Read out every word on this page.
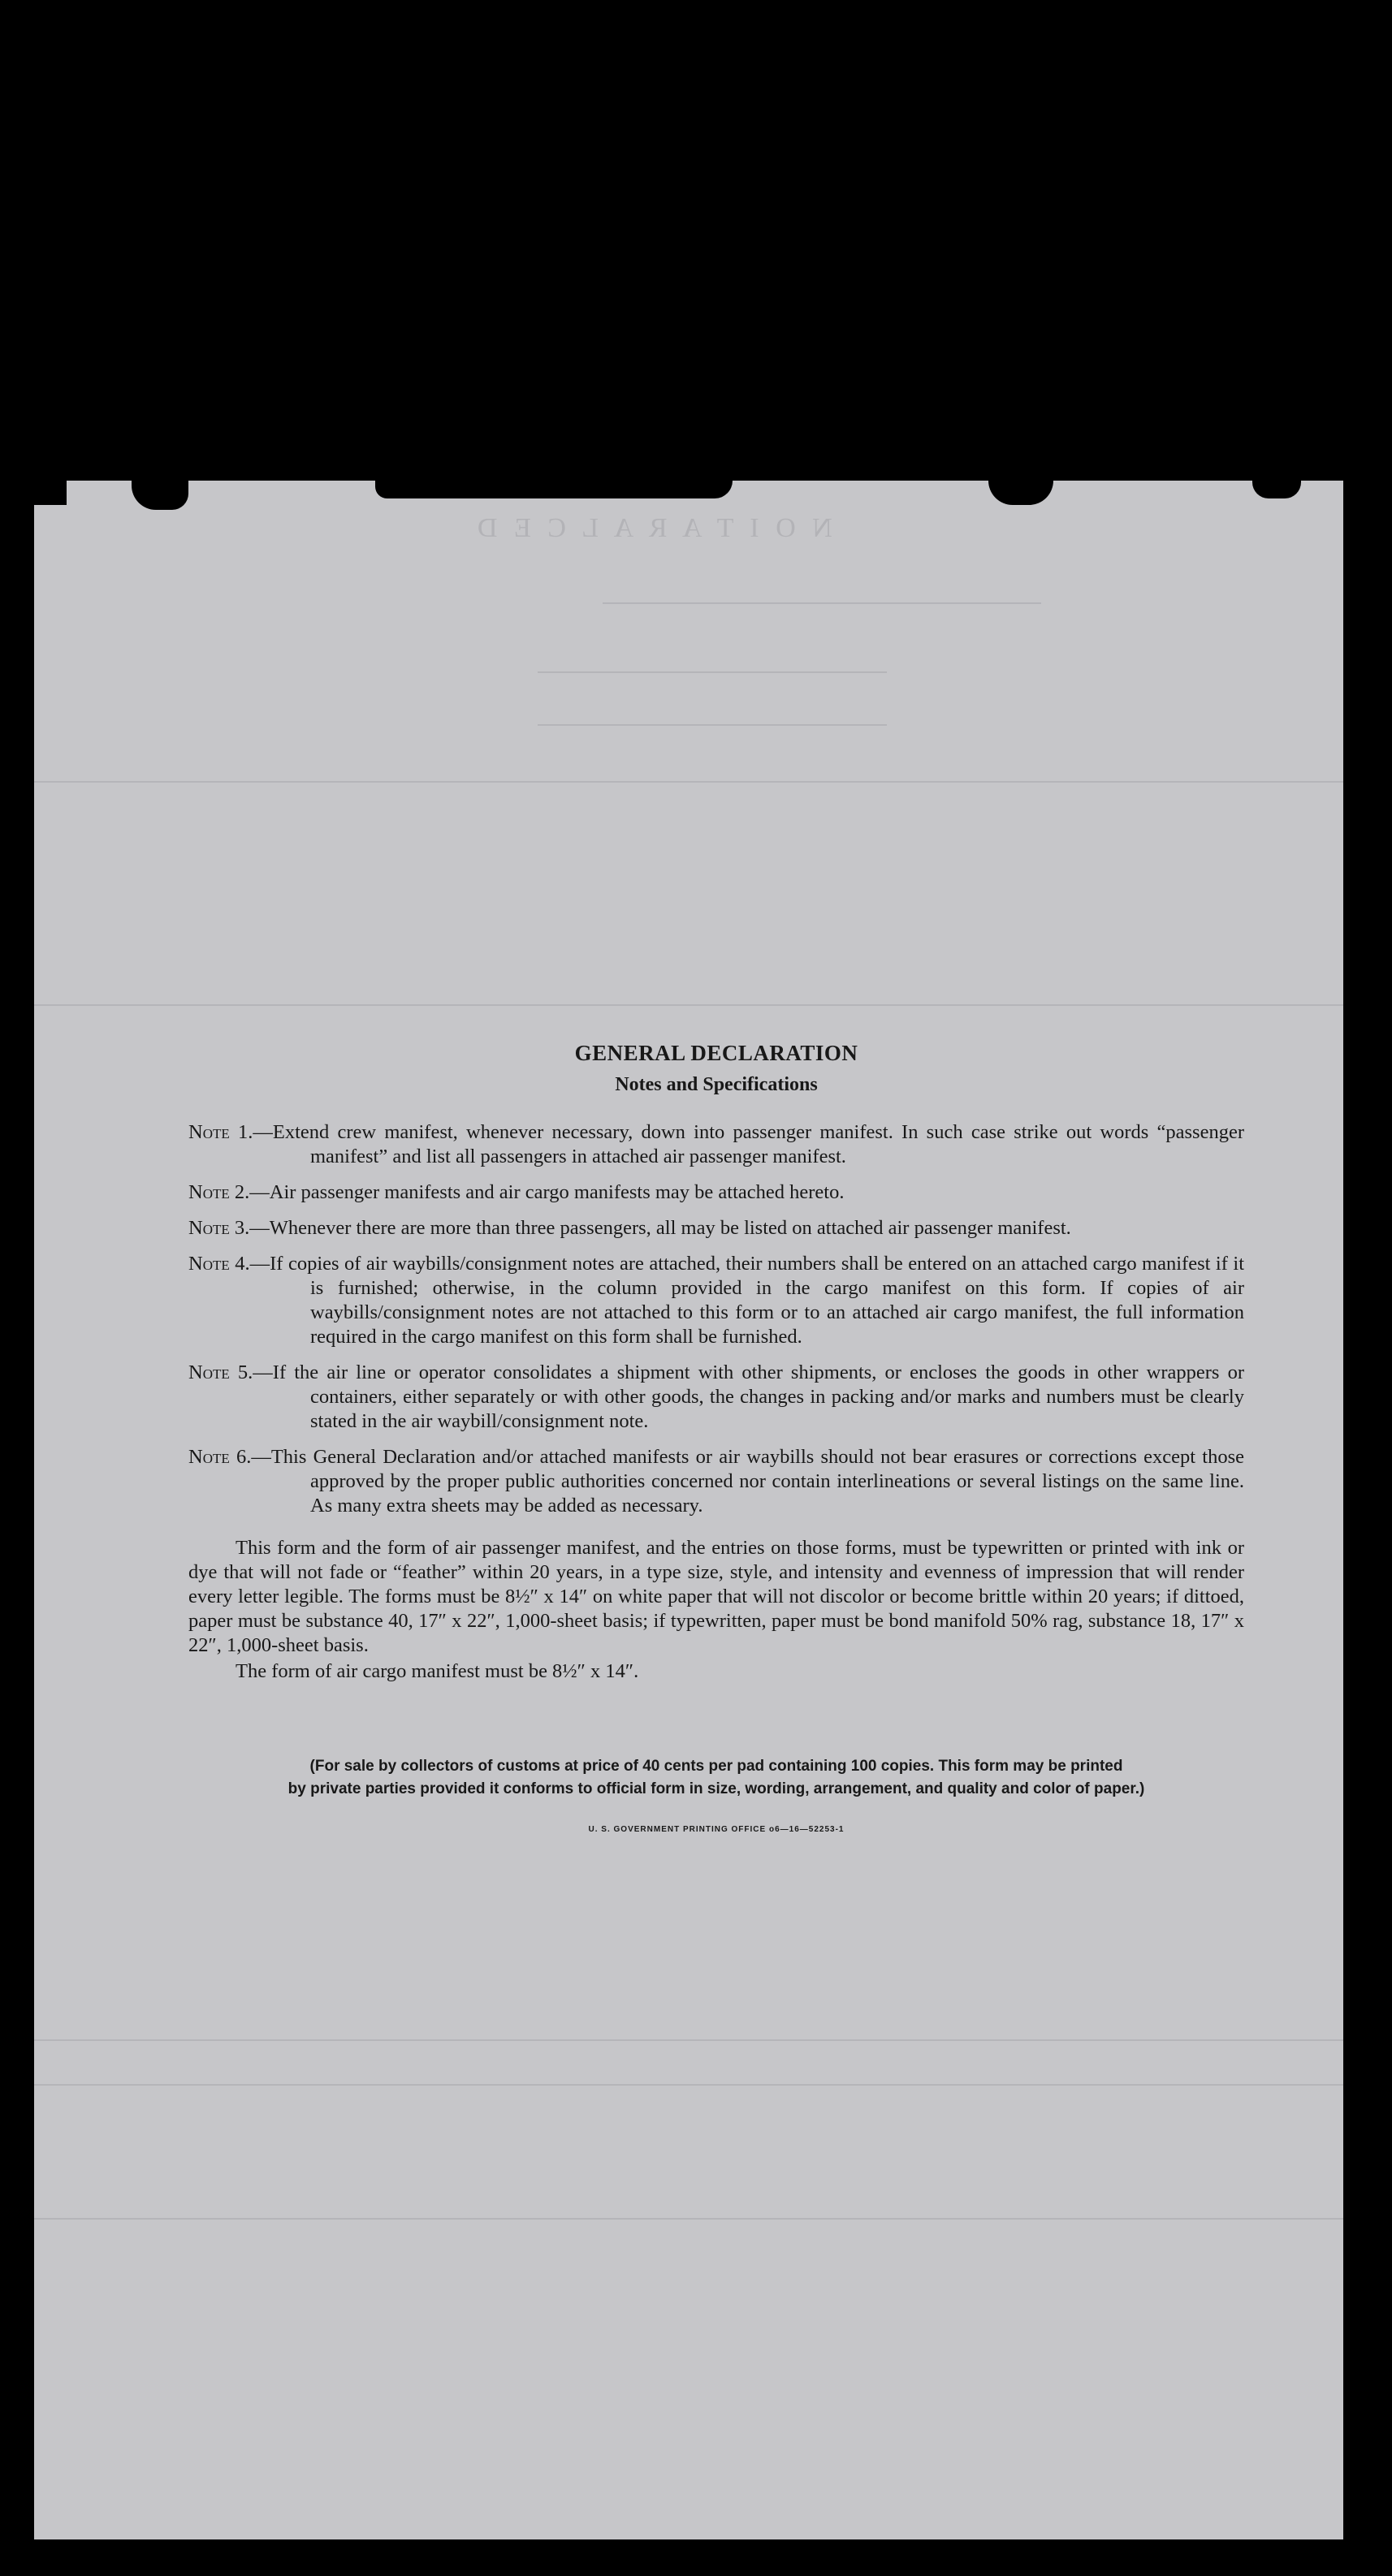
N O I T A R A L C E D
GENERAL DECLARATION
Notes and Specifications
Note 1.—Extend crew manifest, whenever necessary, down into passenger manifest. In such case strike out words “passenger manifest” and list all passengers in attached air passenger manifest.
Note 2.—Air passenger manifests and air cargo manifests may be attached hereto.
Note 3.—Whenever there are more than three passengers, all may be listed on attached air passenger manifest.
Note 4.—If copies of air waybills/consignment notes are attached, their numbers shall be entered on an attached cargo manifest if it is furnished; otherwise, in the column provided in the cargo manifest on this form. If copies of air waybills/consignment notes are not attached to this form or to an attached air cargo manifest, the full information required in the cargo manifest on this form shall be furnished.
Note 5.—If the air line or operator consolidates a shipment with other shipments, or encloses the goods in other wrappers or containers, either separately or with other goods, the changes in packing and/or marks and numbers must be clearly stated in the air waybill/consignment note.
Note 6.—This General Declaration and/or attached manifests or air waybills should not bear erasures or corrections except those approved by the proper public authorities concerned nor contain interlineations or several listings on the same line. As many extra sheets may be added as necessary.

This form and the form of air passenger manifest, and the entries on those forms, must be typewritten or printed with ink or dye that will not fade or “feather” within 20 years, in a type size, style, and intensity and evenness of impression that will render every letter legible. The forms must be 8½″ x 14″ on white paper that will not discolor or become brittle within 20 years; if dittoed, paper must be substance 40, 17″ x 22″, 1,000-sheet basis; if typewritten, paper must be bond manifold 50% rag, substance 18, 17″ x 22″, 1,000-sheet basis.

The form of air cargo manifest must be 8½″ x 14″.

(For sale by collectors of customs at price of 40 cents per pad containing 100 copies. This form may be printed
by private parties provided it conforms to official form in size, wording, arrangement, and quality and color of paper.)
U. S. GOVERNMENT PRINTING OFFICE o6—16—52253-1
